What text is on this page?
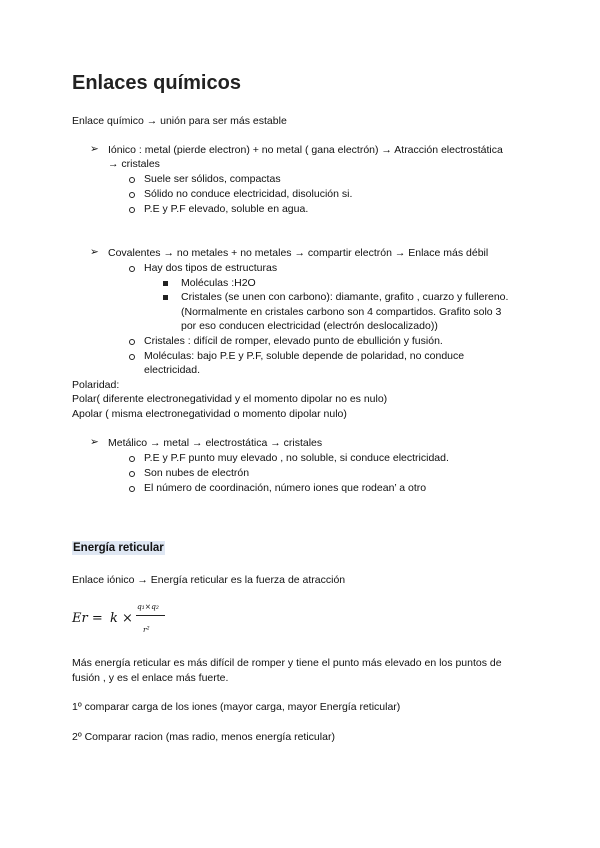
Enlaces químicos
Enlace químico → unión para ser más estable
➢ Iónico : metal (pierde electron) + no metal ( gana electrón) → Atracción electrostática
→ cristales
Suele ser sólidos, compactas
Sólido no conduce electricidad, disolución si.
P.E y P.F elevado, soluble en agua.
➢ Covalentes → no metales + no metales → compartir electrón → Enlace más débil
Hay dos tipos de estructuras
Moléculas :H2O
Cristales (se unen con carbono): diamante, grafito , cuarzo y fullereno.
(Normalmente en cristales carbono son 4 compartidos. Grafito solo 3
por eso conducen electricidad (electrón deslocalizado))
Cristales : difícil de romper, elevado punto de ebullición y fusión.
Moléculas: bajo P.E y P.F, soluble depende de polaridad, no conduce
electricidad.
Polaridad:
Polar( diferente electronegatividad y el momento dipolar no es nulo)
Apolar ( misma electronegatividad o momento dipolar nulo)
➢ Metálico → metal → electrostática → cristales
P.E y P.F punto muy elevado , no soluble, si conduce electricidad.
Son nubes de electrón
El número de coordinación, número iones que rodean’ a otro
Energía reticular
Enlace iónico → Energía reticular es la fuerza de atracción
Er = k ×
q₁×q₂
r²
Más energía reticular es más difícil de romper y tiene el punto más elevado en los puntos de
fusión , y es el enlace más fuerte.
1º comparar carga de los iones (mayor carga, mayor Energía reticular)
2º Comparar racion (mas radio, menos energía reticular)
